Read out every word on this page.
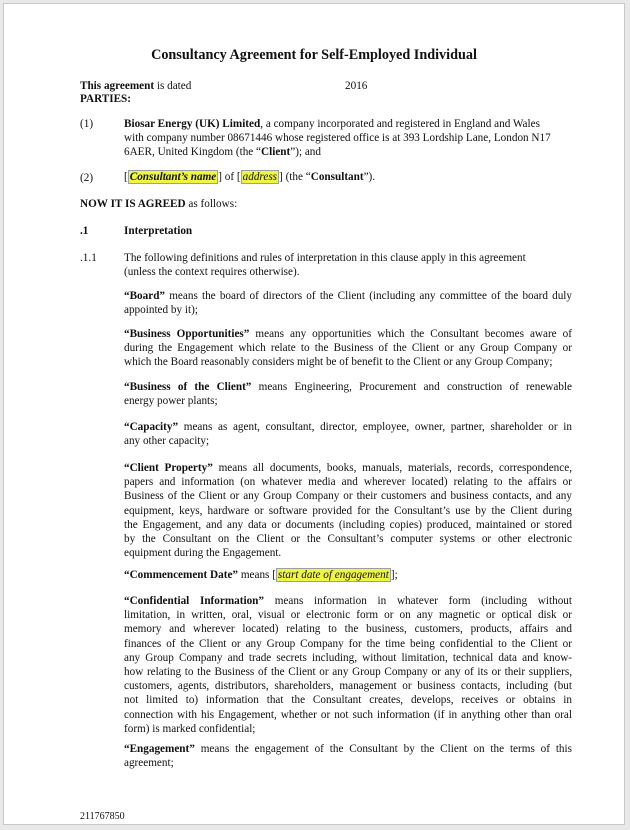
Consultancy Agreement for Self-Employed Individual
This agreement is dated	2016
PARTIES:
(1)	Biosar Energy (UK) Limited, a company incorporated and registered in England and Wales
with company number 08671446 whose registered office is at 393 Lordship Lane, London N17
6AER, United Kingdom (the “Client”); and
(2)	[ Consultant’s name ] of [ address ] (the “Consultant”).
NOW IT IS AGREED as follows:
.1	Interpretation
.1.1 The following definitions and rules of interpretation in this clause apply in this agreement
(unless the context requires otherwise).
“Board” means the board of directors of the Client (including any committee of the board duly
appointed by it);
“Business Opportunities” means any opportunities which the Consultant becomes aware of
during the Engagement which relate to the Business of the Client or any Group Company or
which the Board reasonably considers might be of benefit to the Client or any Group Company;
“Business of the Client” means Engineering, Procurement and construction of renewable
energy power plants;
“Capacity” means as agent, consultant, director, employee, owner, partner, shareholder or in
any other capacity;
“Client Property” means all documents, books, manuals, materials, records, correspondence,
papers and information (on whatever media and wherever located) relating to the affairs or
Business of the Client or any Group Company or their customers and business contacts, and any
equipment, keys, hardware or software provided for the Consultant’s use by the Client during
the Engagement, and any data or documents (including copies) produced, maintained or stored
by the Consultant on the Client or the Consultant’s computer systems or other electronic
equipment during the Engagement.
“Commencement Date” means [ start date of engagement ];
“Confidential Information” means information in whatever form (including without
limitation, in written, oral, visual or electronic form or on any magnetic or optical disk or
memory and wherever located) relating to the business, customers, products, affairs and
finances of the Client or any Group Company for the time being confidential to the Client or
any Group Company and trade secrets including, without limitation, technical data and know-
how relating to the Business of the Client or any Group Company or any of its or their suppliers,
customers, agents, distributors, shareholders, management or business contacts, including (but
not limited to) information that the Consultant creates, develops, receives or obtains in
connection with his Engagement, whether or not such information (if in anything other than oral
form) is marked confidential;
“Engagement” means the engagement of the Consultant by the Client on the terms of this
agreement;
211767850
